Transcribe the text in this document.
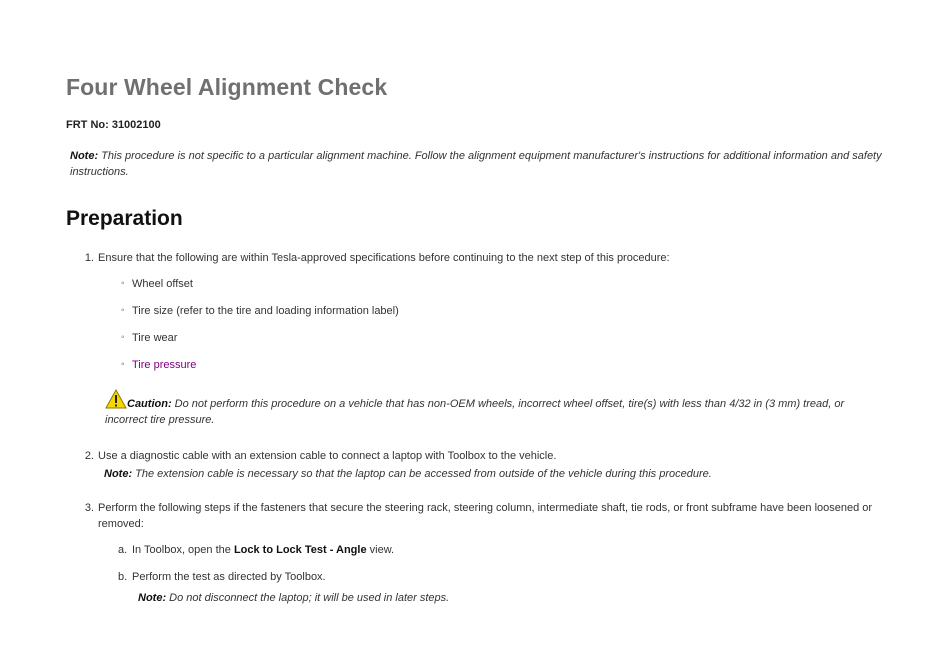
Four Wheel Alignment Check
FRT No: 31002100
Note: This procedure is not specific to a particular alignment machine. Follow the alignment equipment manufacturer's instructions for additional information and safety instructions.
Preparation
1. Ensure that the following are within Tesla-approved specifications before continuing to the next step of this procedure:
◦ Wheel offset
◦ Tire size (refer to the tire and loading information label)
◦ Tire wear
◦ Tire pressure
Caution: Do not perform this procedure on a vehicle that has non-OEM wheels, incorrect wheel offset, tire(s) with less than 4/32 in (3 mm) tread, or incorrect tire pressure.
2. Use a diagnostic cable with an extension cable to connect a laptop with Toolbox to the vehicle.
Note: The extension cable is necessary so that the laptop can be accessed from outside of the vehicle during this procedure.
3. Perform the following steps if the fasteners that secure the steering rack, steering column, intermediate shaft, tie rods, or front subframe have been loosened or removed:
a. In Toolbox, open the Lock to Lock Test - Angle view.
b. Perform the test as directed by Toolbox.
Note: Do not disconnect the laptop; it will be used in later steps.
